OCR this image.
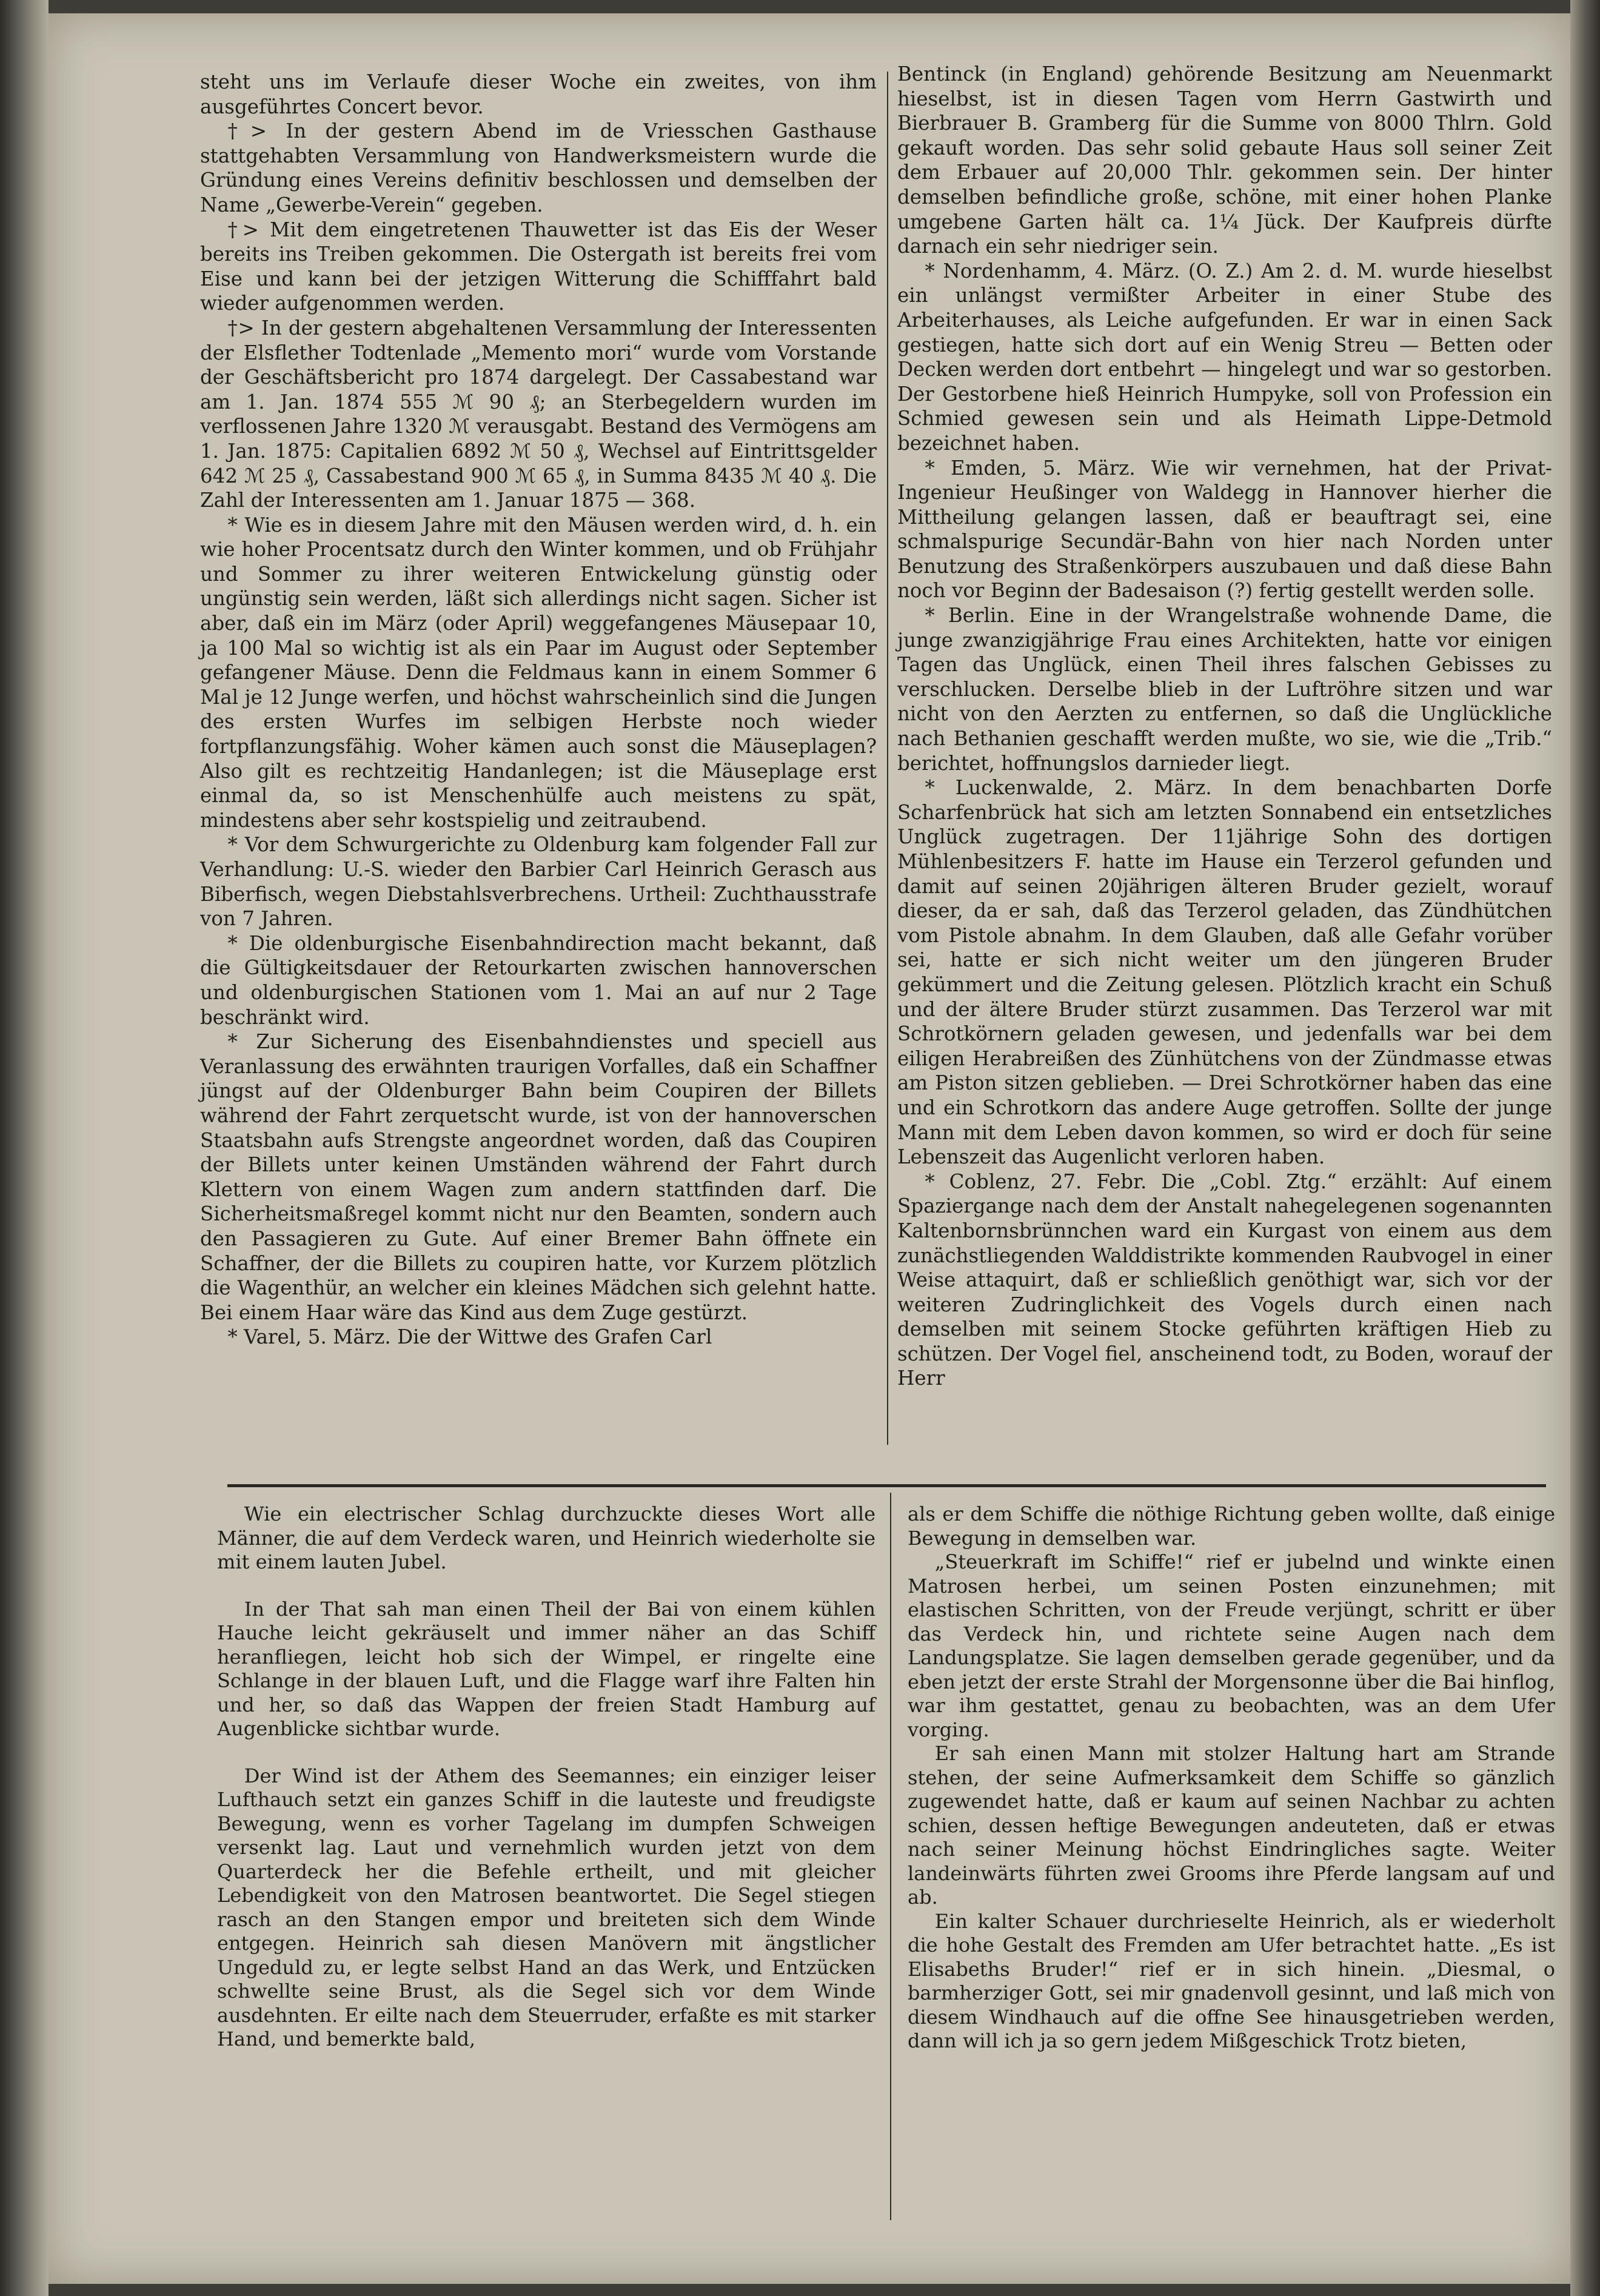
steht uns im Verlaufe dieser Woche ein zweites, von ihm ausgeführtes Concert bevor.

†> In der gestern Abend im de Vriesschen Gasthause stattgehabten Versammlung von Handwerksmeistern wurde die Gründung eines Vereins definitiv beschlossen und demselben der Name „Gewerbe-Verein“ gegeben.

†> Mit dem eingetretenen Thauwetter ist das Eis der Weser bereits ins Treiben gekommen. Die Ostergath ist bereits frei vom Eise und kann bei der jetzigen Witterung die Schifffahrt bald wieder aufgenommen werden.

†> In der gestern abgehaltenen Versammlung der Interessenten der Elsflether Todtenlade „Memento mori“ wurde vom Vorstande der Geschäftsbericht pro 1874 dargelegt. Der Cassabestand war am 1. Jan. 1874 555 ℳ 90 ₰; an Sterbegeldern wurden im verflossenen Jahre 1320 ℳ verausgabt. Bestand des Vermögens am 1. Jan. 1875: Capitalien 6892 ℳ 50 ₰, Wechsel auf Eintrittsgelder 642 ℳ 25 ₰, Cassabestand 900 ℳ 65 ₰, in Summa 8435 ℳ 40 ₰. Die Zahl der Interessenten am 1. Januar 1875 — 368.

* Wie es in diesem Jahre mit den Mäusen werden wird, d. h. ein wie hoher Procentsatz durch den Winter kommen, und ob Frühjahr und Sommer zu ihrer weiteren Entwickelung günstig oder ungünstig sein werden, läßt sich allerdings nicht sagen. Sicher ist aber, daß ein im März (oder April) weggefangenes Mäusepaar 10, ja 100 Mal so wichtig ist als ein Paar im August oder September gefangener Mäuse. Denn die Feldmaus kann in einem Sommer 6 Mal je 12 Junge werfen, und höchst wahrscheinlich sind die Jungen des ersten Wurfes im selbigen Herbste noch wieder fortpflanzungsfähig. Woher kämen auch sonst die Mäuseplagen? Also gilt es rechtzeitig Handanlegen; ist die Mäuseplage erst einmal da, so ist Menschenhülfe auch meistens zu spät, mindestens aber sehr kostspielig und zeitraubend.

* Vor dem Schwurgerichte zu Oldenburg kam folgender Fall zur Verhandlung: U.-S. wieder den Barbier Carl Heinrich Gerasch aus Biberfisch, wegen Diebstahlsverbrechens. Urtheil: Zuchthausstrafe von 7 Jahren.

* Die oldenburgische Eisenbahndirection macht bekannt, daß die Gültigkeitsdauer der Retourkarten zwischen hannoverschen und oldenburgischen Stationen vom 1. Mai an auf nur 2 Tage beschränkt wird.

* Zur Sicherung des Eisenbahndienstes und speciell aus Veranlassung des erwähnten traurigen Vorfalles, daß ein Schaffner jüngst auf der Oldenburger Bahn beim Coupiren der Billets während der Fahrt zerquetscht wurde, ist von der hannoverschen Staatsbahn aufs Strengste angeordnet worden, daß das Coupiren der Billets unter keinen Umständen während der Fahrt durch Klettern von einem Wagen zum andern stattfinden darf. Die Sicherheitsmaßregel kommt nicht nur den Beamten, sondern auch den Passagieren zu Gute. Auf einer Bremer Bahn öffnete ein Schaffner, der die Billets zu coupiren hatte, vor Kurzem plötzlich die Wagenthür, an welcher ein kleines Mädchen sich gelehnt hatte. Bei einem Haar wäre das Kind aus dem Zuge gestürzt.

* Varel, 5. März. Die der Wittwe des Grafen Carl

Bentinck (in England) gehörende Besitzung am Neuenmarkt hieselbst, ist in diesen Tagen vom Herrn Gastwirth und Bierbrauer B. Gramberg für die Summe von 8000 Thlrn. Gold gekauft worden. Das sehr solid gebaute Haus soll seiner Zeit dem Erbauer auf 20,000 Thlr. gekommen sein. Der hinter demselben befindliche große, schöne, mit einer hohen Planke umgebene Garten hält ca. 1¼ Jück. Der Kaufpreis dürfte darnach ein sehr niedriger sein.

* Nordenhamm, 4. März. (O. Z.) Am 2. d. M. wurde hieselbst ein unlängst vermißter Arbeiter in einer Stube des Arbeiterhauses, als Leiche aufgefunden. Er war in einen Sack gestiegen, hatte sich dort auf ein Wenig Streu — Betten oder Decken werden dort entbehrt — hingelegt und war so gestorben. Der Gestorbene hieß Heinrich Humpyke, soll von Profession ein Schmied gewesen sein und als Heimath Lippe-Detmold bezeichnet haben.

* Emden, 5. März. Wie wir vernehmen, hat der Privat-Ingenieur Heußinger von Waldegg in Hannover hierher die Mittheilung gelangen lassen, daß er beauftragt sei, eine schmalspurige Secundär-Bahn von hier nach Norden unter Benutzung des Straßenkörpers auszubauen und daß diese Bahn noch vor Beginn der Badesaison (?) fertig gestellt werden solle.

* Berlin. Eine in der Wrangelstraße wohnende Dame, die junge zwanzigjährige Frau eines Architekten, hatte vor einigen Tagen das Unglück, einen Theil ihres falschen Gebisses zu verschlucken. Derselbe blieb in der Luftröhre sitzen und war nicht von den Aerzten zu entfernen, so daß die Unglückliche nach Bethanien geschafft werden mußte, wo sie, wie die „Trib.“ berichtet, hoffnungslos darnieder liegt.

* Luckenwalde, 2. März. In dem benachbarten Dorfe Scharfenbrück hat sich am letzten Sonnabend ein entsetzliches Unglück zugetragen. Der 11jährige Sohn des dortigen Mühlenbesitzers F. hatte im Hause ein Terzerol gefunden und damit auf seinen 20jährigen älteren Bruder gezielt, worauf dieser, da er sah, daß das Terzerol geladen, das Zündhütchen vom Pistole abnahm. In dem Glauben, daß alle Gefahr vorüber sei, hatte er sich nicht weiter um den jüngeren Bruder gekümmert und die Zeitung gelesen. Plötzlich kracht ein Schuß und der ältere Bruder stürzt zusammen. Das Terzerol war mit Schrotkörnern geladen gewesen, und jedenfalls war bei dem eiligen Herabreißen des Zünhütchens von der Zündmasse etwas am Piston sitzen geblieben. — Drei Schrotkörner haben das eine und ein Schrotkorn das andere Auge getroffen. Sollte der junge Mann mit dem Leben davon kommen, so wird er doch für seine Lebenszeit das Augenlicht verloren haben.

* Coblenz, 27. Febr. Die „Cobl. Ztg.“ erzählt: Auf einem Spaziergange nach dem der Anstalt nahegelegenen sogenannten Kaltenbornsbrünnchen ward ein Kurgast von einem aus dem zunächstliegenden Walddistrikte kommenden Raubvogel in einer Weise attaquirt, daß er schließlich genöthigt war, sich vor der weiteren Zudringlichkeit des Vogels durch einen nach demselben mit seinem Stocke geführten kräftigen Hieb zu schützen. Der Vogel fiel, anscheinend todt, zu Boden, worauf der Herr

Wie ein electrischer Schlag durchzuckte dieses Wort alle Männer, die auf dem Verdeck waren, und Heinrich wiederholte sie mit einem lauten Jubel.

In der That sah man einen Theil der Bai von einem kühlen Hauche leicht gekräuselt und immer näher an das Schiff heranfliegen, leicht hob sich der Wimpel, er ringelte eine Schlange in der blauen Luft, und die Flagge warf ihre Falten hin und her, so daß das Wappen der freien Stadt Hamburg auf Augenblicke sichtbar wurde.

Der Wind ist der Athem des Seemannes; ein einziger leiser Lufthauch setzt ein ganzes Schiff in die lauteste und freudigste Bewegung, wenn es vorher Tagelang im dumpfen Schweigen versenkt lag. Laut und vernehmlich wurden jetzt von dem Quarterdeck her die Befehle ertheilt, und mit gleicher Lebendigkeit von den Matrosen beantwortet. Die Segel stiegen rasch an den Stangen empor und breiteten sich dem Winde entgegen. Heinrich sah diesen Manövern mit ängstlicher Ungeduld zu, er legte selbst Hand an das Werk, und Entzücken schwellte seine Brust, als die Segel sich vor dem Winde ausdehnten. Er eilte nach dem Steuerruder, erfaßte es mit starker Hand, und bemerkte bald,

als er dem Schiffe die nöthige Richtung geben wollte, daß einige Bewegung in demselben war.

„Steuerkraft im Schiffe!“ rief er jubelnd und winkte einen Matrosen herbei, um seinen Posten einzunehmen; mit elastischen Schritten, von der Freude verjüngt, schritt er über das Verdeck hin, und richtete seine Augen nach dem Landungsplatze. Sie lagen demselben gerade gegenüber, und da eben jetzt der erste Strahl der Morgensonne über die Bai hinflog, war ihm gestattet, genau zu beobachten, was an dem Ufer vorging.

Er sah einen Mann mit stolzer Haltung hart am Strande stehen, der seine Aufmerksamkeit dem Schiffe so gänzlich zugewendet hatte, daß er kaum auf seinen Nachbar zu achten schien, dessen heftige Bewegungen andeuteten, daß er etwas nach seiner Meinung höchst Eindringliches sagte. Weiter landeinwärts führten zwei Grooms ihre Pferde langsam auf und ab.

Ein kalter Schauer durchrieselte Heinrich, als er wiederholt die hohe Gestalt des Fremden am Ufer betrachtet hatte. „Es ist Elisabeths Bruder!“ rief er in sich hinein. „Diesmal, o barmherziger Gott, sei mir gnadenvoll gesinnt, und laß mich von diesem Windhauch auf die offne See hinausgetrieben werden, dann will ich ja so gern jedem Mißgeschick Trotz bieten,
